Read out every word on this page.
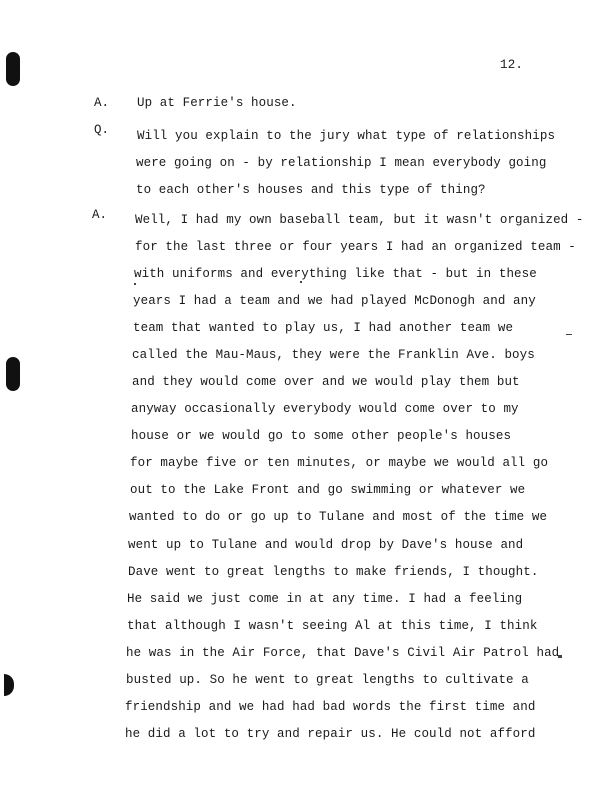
12.
A. Up at Ferrie's house.
Q. Will you explain to the jury what type of relationships
were going on - by relationship I mean everybody going
to each other's houses and this type of thing?
A. Well, I had my own baseball team, but it wasn't organized -
for the last three or four years I had an organized team -
with uniforms and everything like that - but in these
years I had a team and we had played McDonogh and any
team that wanted to play us, I had another team we
called the Mau-Maus, they were the Franklin Ave. boys
and they would come over and we would play them but
anyway occasionally everybody would come over to my
house or we would go to some other people's houses
for maybe five or ten minutes, or maybe we would all go
out to the Lake Front and go swimming or whatever we
wanted to do or go up to Tulane and most of the time we
went up to Tulane and would drop by Dave's house and
Dave went to great lengths to make friends, I thought.
He said we just come in at any time. I had a feeling
that although I wasn't seeing Al at this time, I think
he was in the Air Force, that Dave's Civil Air Patrol had
busted up. So he went to great lengths to cultivate a
friendship and we had had bad words the first time and
he did a lot to try and repair us. He could not afford
